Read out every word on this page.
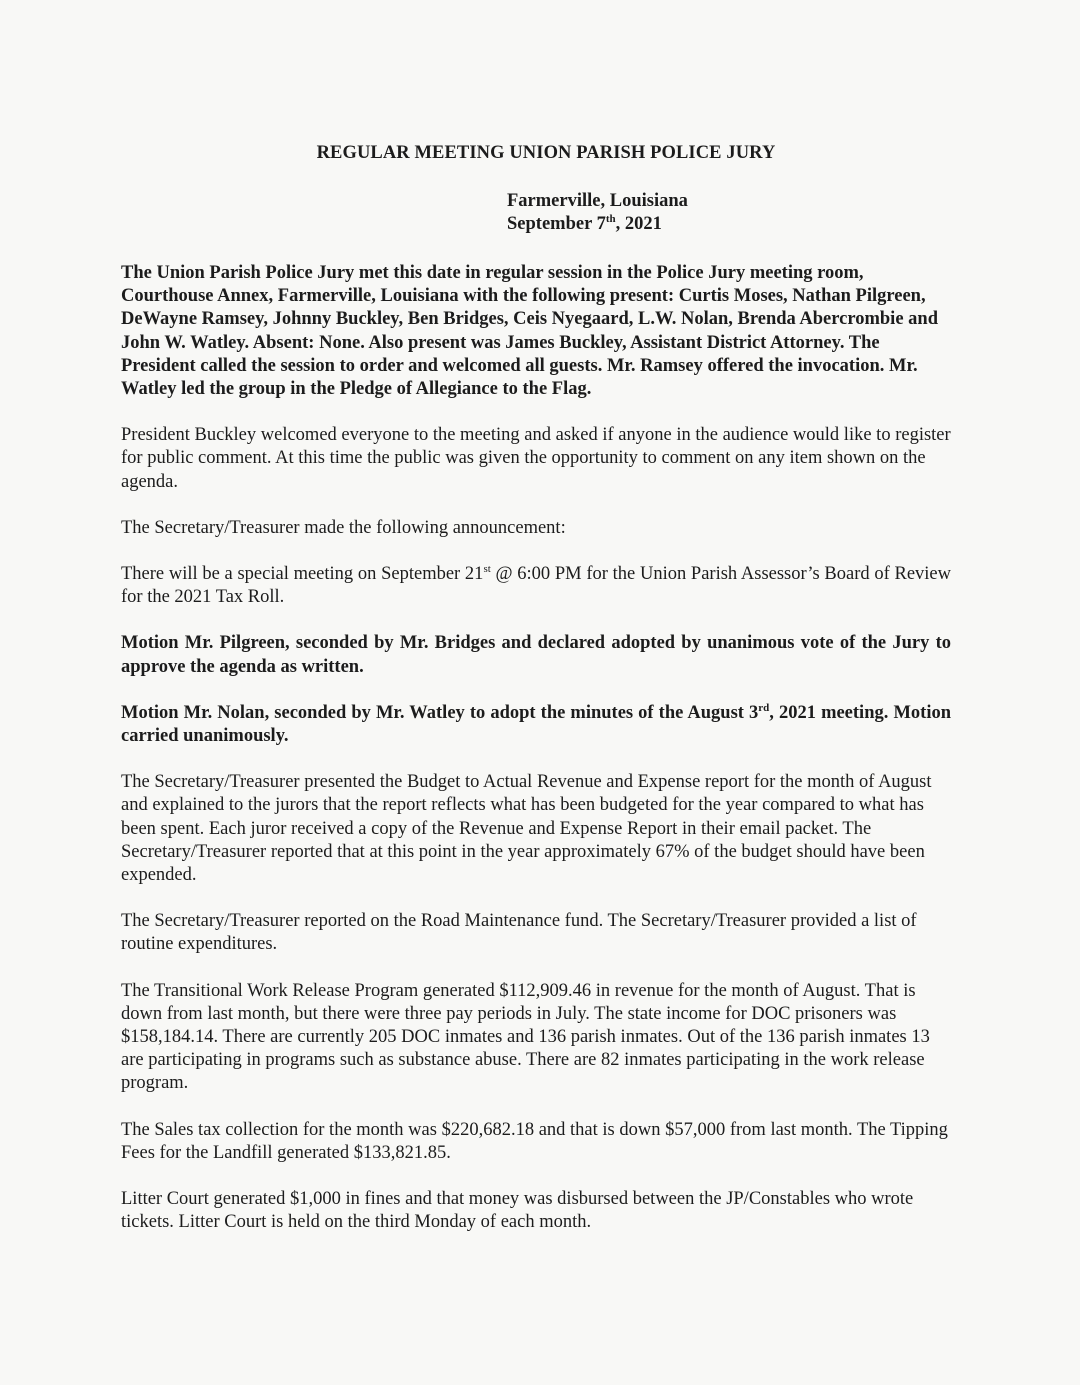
REGULAR MEETING UNION PARISH POLICE JURY
Farmerville, Louisiana
September 7th, 2021

The Union Parish Police Jury met this date in regular session in the Police Jury meeting room, Courthouse Annex, Farmerville, Louisiana with the following present: Curtis Moses, Nathan Pilgreen, DeWayne Ramsey, Johnny Buckley, Ben Bridges, Ceis Nyegaard, L.W. Nolan, Brenda Abercrombie and John W. Watley. Absent: None. Also present was James Buckley, Assistant District Attorney. The President called the session to order and welcomed all guests. Mr. Ramsey offered the invocation. Mr. Watley led the group in the Pledge of Allegiance to the Flag.

President Buckley welcomed everyone to the meeting and asked if anyone in the audience would like to register for public comment. At this time the public was given the opportunity to comment on any item shown on the agenda.

The Secretary/Treasurer made the following announcement:

There will be a special meeting on September 21st @ 6:00 PM for the Union Parish Assessor’s Board of Review for the 2021 Tax Roll.

Motion Mr. Pilgreen, seconded by Mr. Bridges and declared adopted by unanimous vote of the Jury to approve the agenda as written.

Motion Mr. Nolan, seconded by Mr. Watley to adopt the minutes of the August 3rd, 2021 meeting. Motion carried unanimously.

The Secretary/Treasurer presented the Budget to Actual Revenue and Expense report for the month of August and explained to the jurors that the report reflects what has been budgeted for the year compared to what has been spent. Each juror received a copy of the Revenue and Expense Report in their email packet. The Secretary/Treasurer reported that at this point in the year approximately 67% of the budget should have been expended.

The Secretary/Treasurer reported on the Road Maintenance fund. The Secretary/Treasurer provided a list of routine expenditures.

The Transitional Work Release Program generated $112,909.46 in revenue for the month of August. That is down from last month, but there were three pay periods in July. The state income for DOC prisoners was $158,184.14. There are currently 205 DOC inmates and 136 parish inmates. Out of the 136 parish inmates 13 are participating in programs such as substance abuse. There are 82 inmates participating in the work release program.

The Sales tax collection for the month was $220,682.18 and that is down $57,000 from last month. The Tipping Fees for the Landfill generated $133,821.85.

Litter Court generated $1,000 in fines and that money was disbursed between the JP/Constables who wrote tickets. Litter Court is held on the third Monday of each month.
